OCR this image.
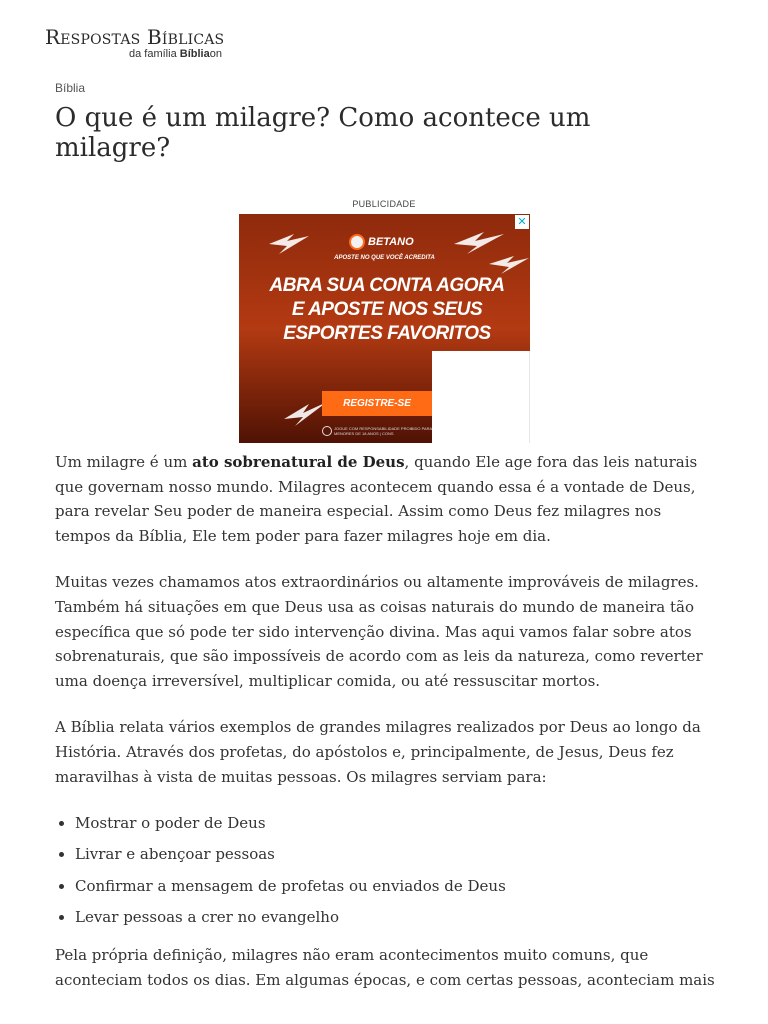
Respostas Bíblicas
da família Bíbliaon
Bíblia
O que é um milagre? Como acontece um milagre?
PUBLICIDADE
✕
BETANO
APOSTE NO QUE VOCÊ ACREDITA
ABRA SUA CONTA AGORA E APOSTE NOS SEUS ESPORTES FAVORITOS
REGISTRE-SE
JOGUE COM RESPONSABILIDADE PROIBIDO PARA MENORES DE 18 ANOS | CONS

Um milagre é um ato sobrenatural de Deus, quando Ele age fora das leis naturais que governam nosso mundo. Milagres acontecem quando essa é a vontade de Deus, para revelar Seu poder de maneira especial. Assim como Deus fez milagres nos tempos da Bíblia, Ele tem poder para fazer milagres hoje em dia.

Muitas vezes chamamos atos extraordinários ou altamente improváveis de milagres. Também há situações em que Deus usa as coisas naturais do mundo de maneira tão específica que só pode ter sido intervenção divina. Mas aqui vamos falar sobre atos sobrenaturais, que são impossíveis de acordo com as leis da natureza, como reverter uma doença irreversível, multiplicar comida, ou até ressuscitar mortos.

A Bíblia relata vários exemplos de grandes milagres realizados por Deus ao longo da História. Através dos profetas, do apóstolos e, principalmente, de Jesus, Deus fez maravilhas à vista de muitas pessoas. Os milagres serviam para:

• Mostrar o poder de Deus
• Livrar e abençoar pessoas
• Confirmar a mensagem de profetas ou enviados de Deus
• Levar pessoas a crer no evangelho

Pela própria definição, milagres não eram acontecimentos muito comuns, que aconteciam todos os dias. Em algumas épocas, e com certas pessoas, aconteciam mais
